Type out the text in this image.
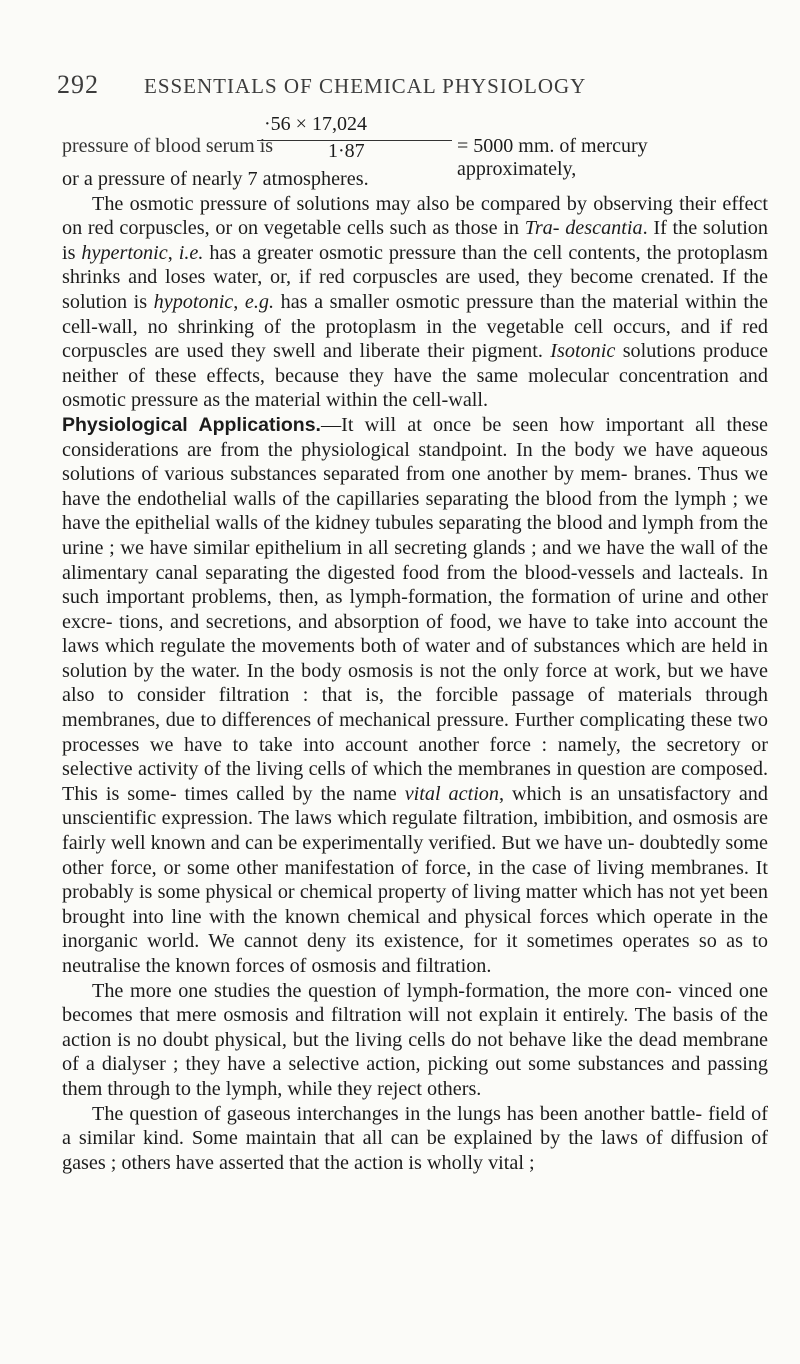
292 ESSENTIALS OF CHEMICAL PHYSIOLOGY
pressure of blood serum is
·56 × 17,024
1·87	= 5000 mm. of mercury approximately,

or a pressure of nearly 7 atmospheres.

The osmotic pressure of solutions may also be compared by observing their effect on red corpuscles, or on vegetable cells such as those in Tra- descantia. If the solution is hypertonic, i.e. has a greater osmotic pressure than the cell contents, the protoplasm shrinks and loses water, or, if red corpuscles are used, they become crenated. If the solution is hypotonic, e.g. has a smaller osmotic pressure than the material within the cell-wall, no shrinking of the protoplasm in the vegetable cell occurs, and if red corpuscles are used they swell and liberate their pigment. Isotonic solutions produce neither of these effects, because they have the same molecular concentration and osmotic pressure as the material within the cell-wall.

Physiological Applications.—It will at once be seen how important all these considerations are from the physiological standpoint. In the body we have aqueous solutions of various substances separated from one another by mem- branes. Thus we have the endothelial walls of the capillaries separating the blood from the lymph ; we have the epithelial walls of the kidney tubules separating the blood and lymph from the urine ; we have similar epithelium in all secreting glands ; and we have the wall of the alimentary canal separating the digested food from the blood-vessels and lacteals. In such important problems, then, as lymph-formation, the formation of urine and other excre- tions, and secretions, and absorption of food, we have to take into account the laws which regulate the movements both of water and of substances which are held in solution by the water. In the body osmosis is not the only force at work, but we have also to consider filtration : that is, the forcible passage of materials through membranes, due to differences of mechanical pressure. Further complicating these two processes we have to take into account another force : namely, the secretory or selective activity of the living cells of which the membranes in question are composed. This is some- times called by the name vital action, which is an unsatisfactory and unscientific expression. The laws which regulate filtration, imbibition, and osmosis are fairly well known and can be experimentally verified. But we have un- doubtedly some other force, or some other manifestation of force, in the case of living membranes. It probably is some physical or chemical property of living matter which has not yet been brought into line with the known chemical and physical forces which operate in the inorganic world. We cannot deny its existence, for it sometimes operates so as to neutralise the known forces of osmosis and filtration.

The more one studies the question of lymph-formation, the more con- vinced one becomes that mere osmosis and filtration will not explain it entirely. The basis of the action is no doubt physical, but the living cells do not behave like the dead membrane of a dialyser ; they have a selective action, picking out some substances and passing them through to the lymph, while they reject others.

The question of gaseous interchanges in the lungs has been another battle- field of a similar kind. Some maintain that all can be explained by the laws of diffusion of gases ; others have asserted that the action is wholly vital ;
